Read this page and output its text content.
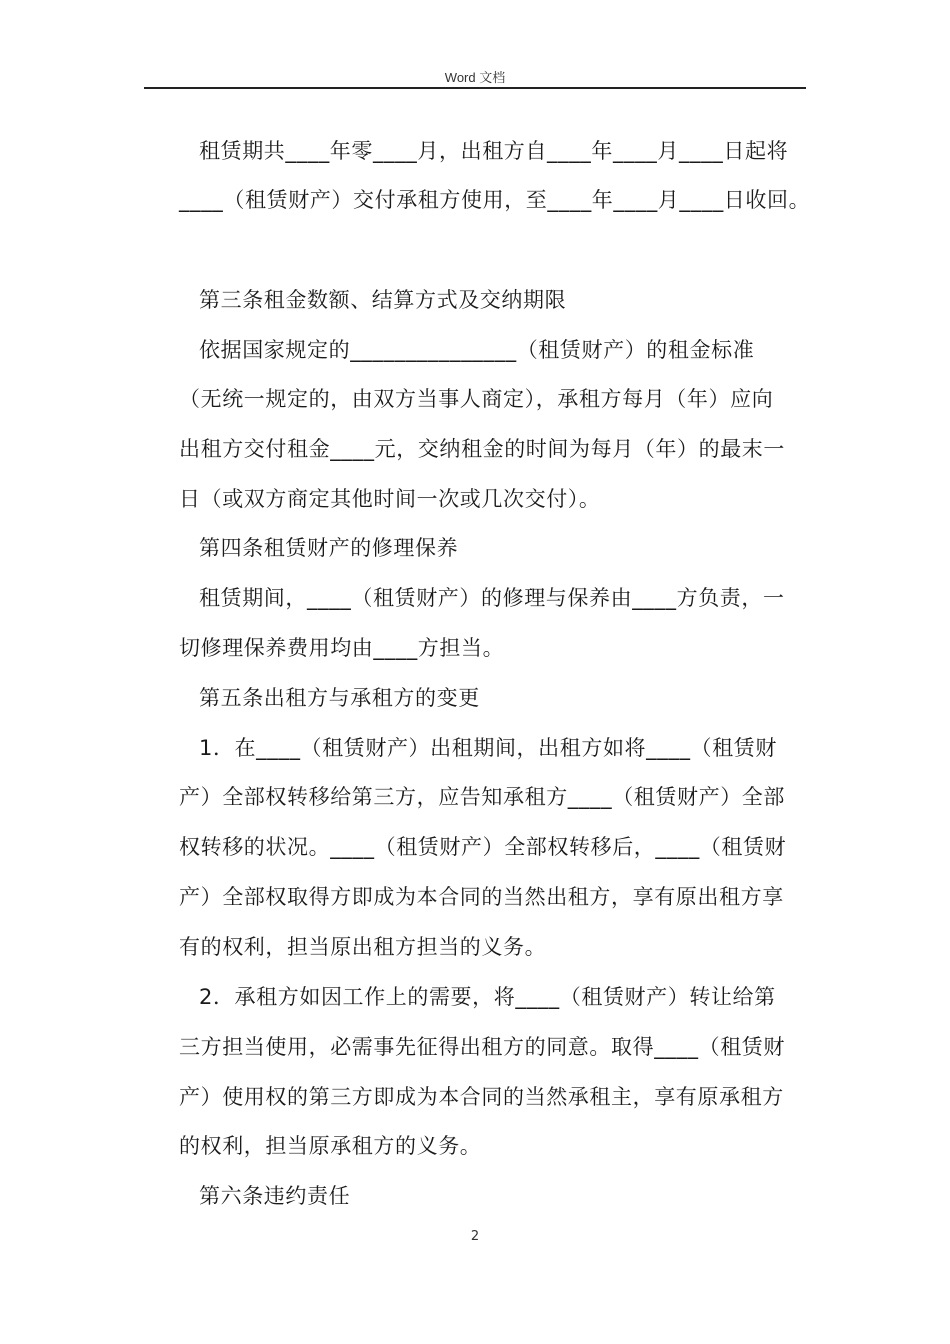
Word 文档
租赁期共____年零____月，出租方自____年____月____日起将
____（租赁财产）交付承租方使用，至____年____月____日收回。
第三条租金数额、结算方式及交纳期限
依据国家规定的_______________（租赁财产）的租金标准
（无统一规定的，由双方当事人商定），承租方每月（年）应向
出租方交付租金____元，交纳租金的时间为每月（年）的最末一
日（或双方商定其他时间一次或几次交付）。
第四条租赁财产的修理保养
租赁期间，____（租赁财产）的修理与保养由____方负责，一
切修理保养费用均由____方担当。
第五条出租方与承租方的变更
1．在____（租赁财产）出租期间，出租方如将____（租赁财
产）全部权转移给第三方，应告知承租方____（租赁财产）全部
权转移的状况。____（租赁财产）全部权转移后，____（租赁财
产）全部权取得方即成为本合同的当然出租方，享有原出租方享
有的权利，担当原出租方担当的义务。
2．承租方如因工作上的需要，将____（租赁财产）转让给第
三方担当使用，必需事先征得出租方的同意。取得____（租赁财
产）使用权的第三方即成为本合同的当然承租主，享有原承租方
的权利，担当原承租方的义务。
第六条违约责任
2
